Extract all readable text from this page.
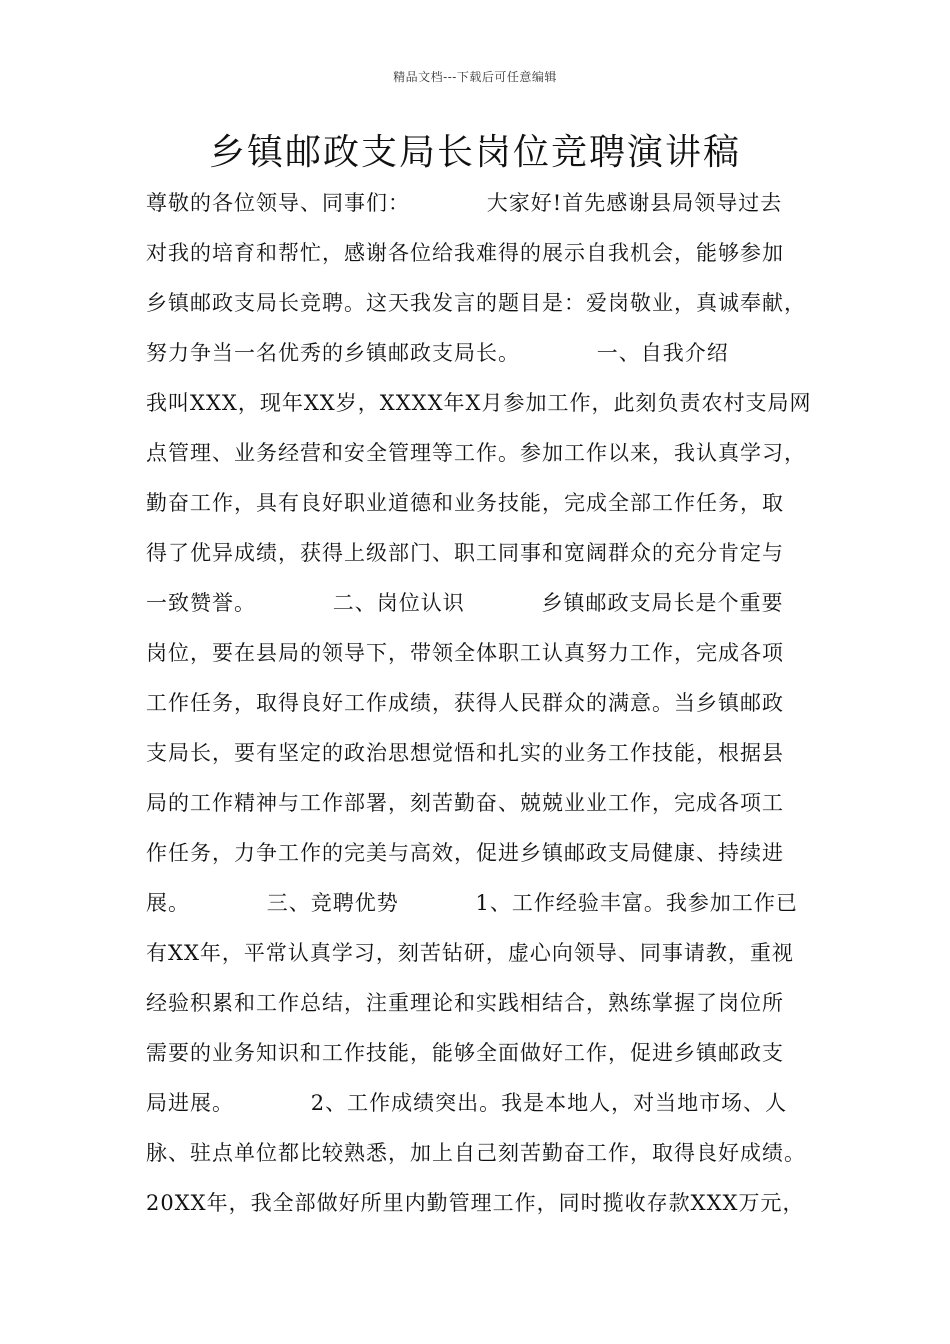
精品文档---下载后可任意编辑
乡镇邮政支局长岗位竞聘演讲稿
尊敬的各位领导、同事们：          大家好!首先感谢县局领导过去
对我的培育和帮忙，感谢各位给我难得的展示自我机会，能够参加
乡镇邮政支局长竞聘。这天我发言的题目是：爱岗敬业，真诚奉献，
努力争当一名优秀的乡镇邮政支局长。          一、自我介绍
我叫XXX，现年XX岁，XXXX年X月参加工作，此刻负责农村支局网
点管理、业务经营和安全管理等工作。参加工作以来，我认真学习，
勤奋工作，具有良好职业道德和业务技能，完成全部工作任务，取
得了优异成绩，获得上级部门、职工同事和宽阔群众的充分肯定与
一致赞誉。          二、岗位认识          乡镇邮政支局长是个重要
岗位，要在县局的领导下，带领全体职工认真努力工作，完成各项
工作任务，取得良好工作成绩，获得人民群众的满意。当乡镇邮政
支局长，要有坚定的政治思想觉悟和扎实的业务工作技能，根据县
局的工作精神与工作部署，刻苦勤奋、兢兢业业工作，完成各项工
作任务，力争工作的完美与高效，促进乡镇邮政支局健康、持续进
展。          三、竞聘优势          1、工作经验丰富。我参加工作已
有XX年，平常认真学习，刻苦钻研，虚心向领导、同事请教，重视
经验积累和工作总结，注重理论和实践相结合，熟练掌握了岗位所
需要的业务知识和工作技能，能够全面做好工作，促进乡镇邮政支
局进展。          2、工作成绩突出。我是本地人，对当地市场、人
脉、驻点单位都比较熟悉，加上自己刻苦勤奋工作，取得良好成绩。
20XX年，我全部做好所里内勤管理工作，同时揽收存款XXX万元，
